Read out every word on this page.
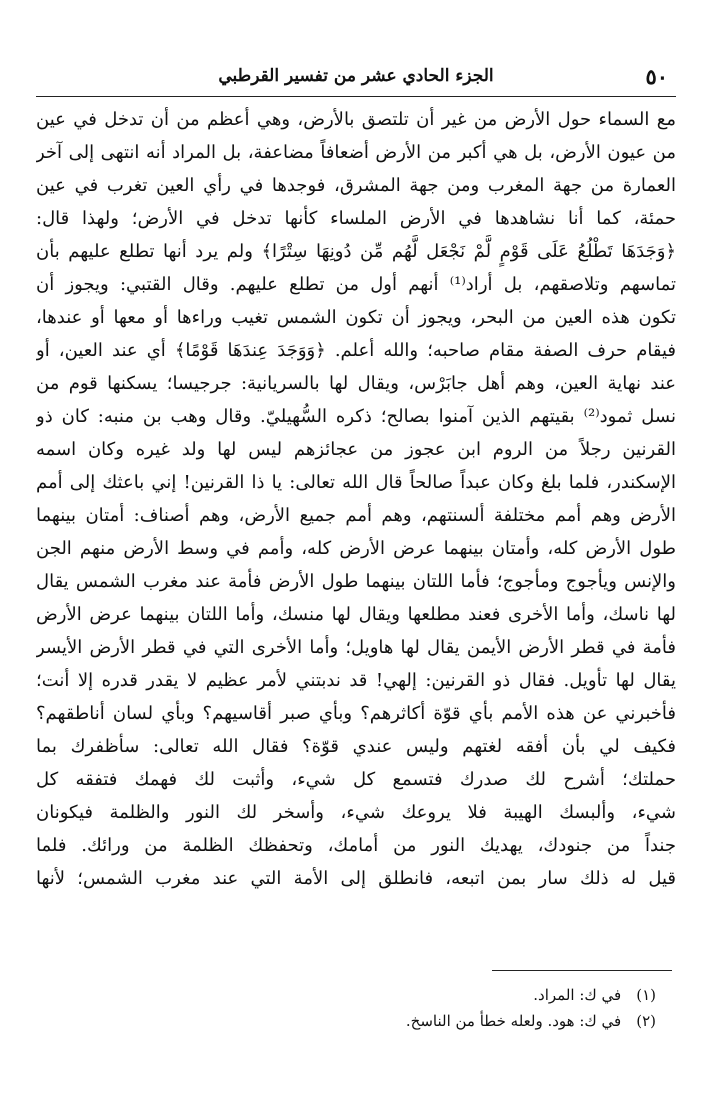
٥٠
الجزء الحادي عشر من تفسير القرطبي
مع السماء حول الأرض من غير أن تلتصق بالأرض، وهي أعظم من أن تدخل في عين
من عيون الأرض، بل هي أكبر من الأرض أضعافاً مضاعفة، بل المراد أنه انتهى إلى آخر
العمارة من جهة المغرب ومن جهة المشرق، فوجدها في رأي العين تغرب في عين
حمئة، كما أنا نشاهدها في الأرض الملساء كأنها تدخل في الأرض؛ ولهذا قال:
﴿وَجَدَهَا تَطْلُعُ عَلَى قَوْمٍ لَّمْ نَجْعَل لَّهُم مِّن دُونِهَا سِتْرًا﴾ ولم يرد أنها تطلع عليهم بأن
تماسهم وتلاصقهم، بل أراد⁽¹⁾ أنهم أول من تطلع عليهم. وقال القتبي: ويجوز أن
تكون هذه العين من البحر، ويجوز أن تكون الشمس تغيب وراءها أو معها أو عندها،
فيقام حرف الصفة مقام صاحبه؛ والله أعلم. ﴿وَوَجَدَ عِندَهَا قَوْمًا﴾ أي عند العين، أو
عند نهاية العين، وهم أهل جابَرْس، ويقال لها بالسريانية: جرجيسا؛ يسكنها قوم من
نسل ثمود⁽²⁾ بقيتهم الذين آمنوا بصالح؛ ذكره السُّهيليّ. وقال وهب بن منبه: كان ذو
القرنين رجلاً من الروم ابن عجوز من عجائزهم ليس لها ولد غيره وكان اسمه
الإسكندر، فلما بلغ وكان عبداً صالحاً قال الله تعالى: يا ذا القرنين! إني باعثك إلى أمم
الأرض وهم أمم مختلفة ألسنتهم، وهم أمم جميع الأرض، وهم أصناف: أمتان بينهما
طول الأرض كله، وأمتان بينهما عرض الأرض كله، وأمم في وسط الأرض منهم الجن
والإنس ويأجوج ومأجوج؛ فأما اللتان بينهما طول الأرض فأمة عند مغرب الشمس يقال
لها ناسك، وأما الأخرى فعند مطلعها ويقال لها منسك، وأما اللتان بينهما عرض الأرض
فأمة في قطر الأرض الأيمن يقال لها هاويل؛ وأما الأخرى التي في قطر الأرض الأيسر
يقال لها تأويل. فقال ذو القرنين: إلهي! قد ندبتني لأمر عظيم لا يقدر قدره إلا أنت؛
فأخبرني عن هذه الأمم بأي قوّة أكاثرهم؟ وبأي صبر أقاسيهم؟ وبأي لسان أناطقهم؟
فكيف لي بأن أفقه لغتهم وليس عندي قوّة؟ فقال الله تعالى: سأظفرك بما
حملتك؛ أشرح لك صدرك فتسمع كل شيء، وأثبت لك فهمك فتفقه كل
شيء، وألبسك الهيبة فلا يروعك شيء، وأسخر لك النور والظلمة فيكونان
جنداً من جنودك، يهديك النور من أمامك، وتحفظك الظلمة من ورائك. فلما
قيل له ذلك سار بمن اتبعه، فانطلق إلى الأمة التي عند مغرب الشمس؛ لأنها
(١) في ك: المراد.
(٢) في ك: هود. ولعله خطأ من الناسخ.
